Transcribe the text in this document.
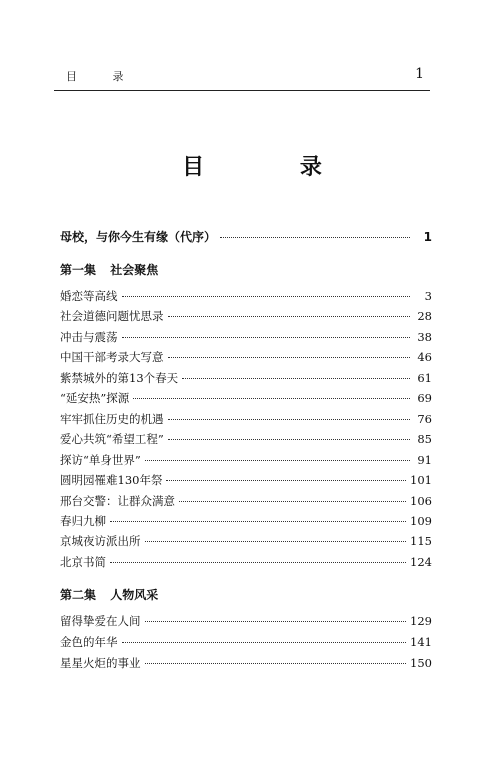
目 录	1
目 录
母校，与你今生有缘（代序）	1
第一集 社会聚焦
婚恋等高线	3
社会道德问题忧思录	28
冲击与震荡	38
中国干部考录大写意	46
紫禁城外的第13个春天	61
“延安热”探源	69
牢牢抓住历史的机遇	76
爱心共筑“希望工程”	85
探访“单身世界”	91
圆明园罹难130年祭	101
邢台交警：让群众满意	106
春归九柳	109
京城夜访派出所	115
北京书简	124
第二集 人物风采
留得挚爱在人间	129
金色的年华	141
星星火炬的事业	150
